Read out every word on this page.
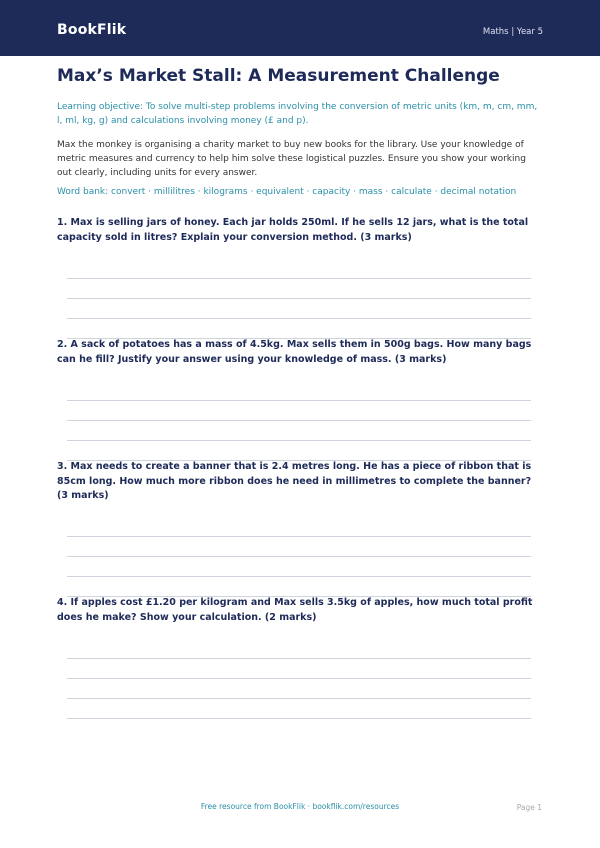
BookFlik	Maths | Year 5
Max’s Market Stall: A Measurement Challenge

Learning objective: To solve multi-step problems involving the conversion of metric units (km, m, cm, mm, l, ml, kg, g) and calculations involving money (£ and p).

Max the monkey is organising a charity market to buy new books for the library. Use your knowledge of metric measures and currency to help him solve these logistical puzzles. Ensure you show your working out clearly, including units for every answer.

Word bank: convert · millilitres · kilograms · equivalent · capacity · mass · calculate · decimal notation

1. Max is selling jars of honey. Each jar holds 250ml. If he sells 12 jars, what is the total capacity sold in litres? Explain your conversion method. (3 marks)

2. A sack of potatoes has a mass of 4.5kg. Max sells them in 500g bags. How many bags can he fill? Justify your answer using your knowledge of mass. (3 marks)

3. Max needs to create a banner that is 2.4 metres long. He has a piece of ribbon that is 85cm long. How much more ribbon does he need in millimetres to complete the banner? (3 marks)

4. If apples cost £1.20 per kilogram and Max sells 3.5kg of apples, how much total profit does he make? Show your calculation. (2 marks)

Free resource from BookFlik · bookflik.com/resources	Page 1
